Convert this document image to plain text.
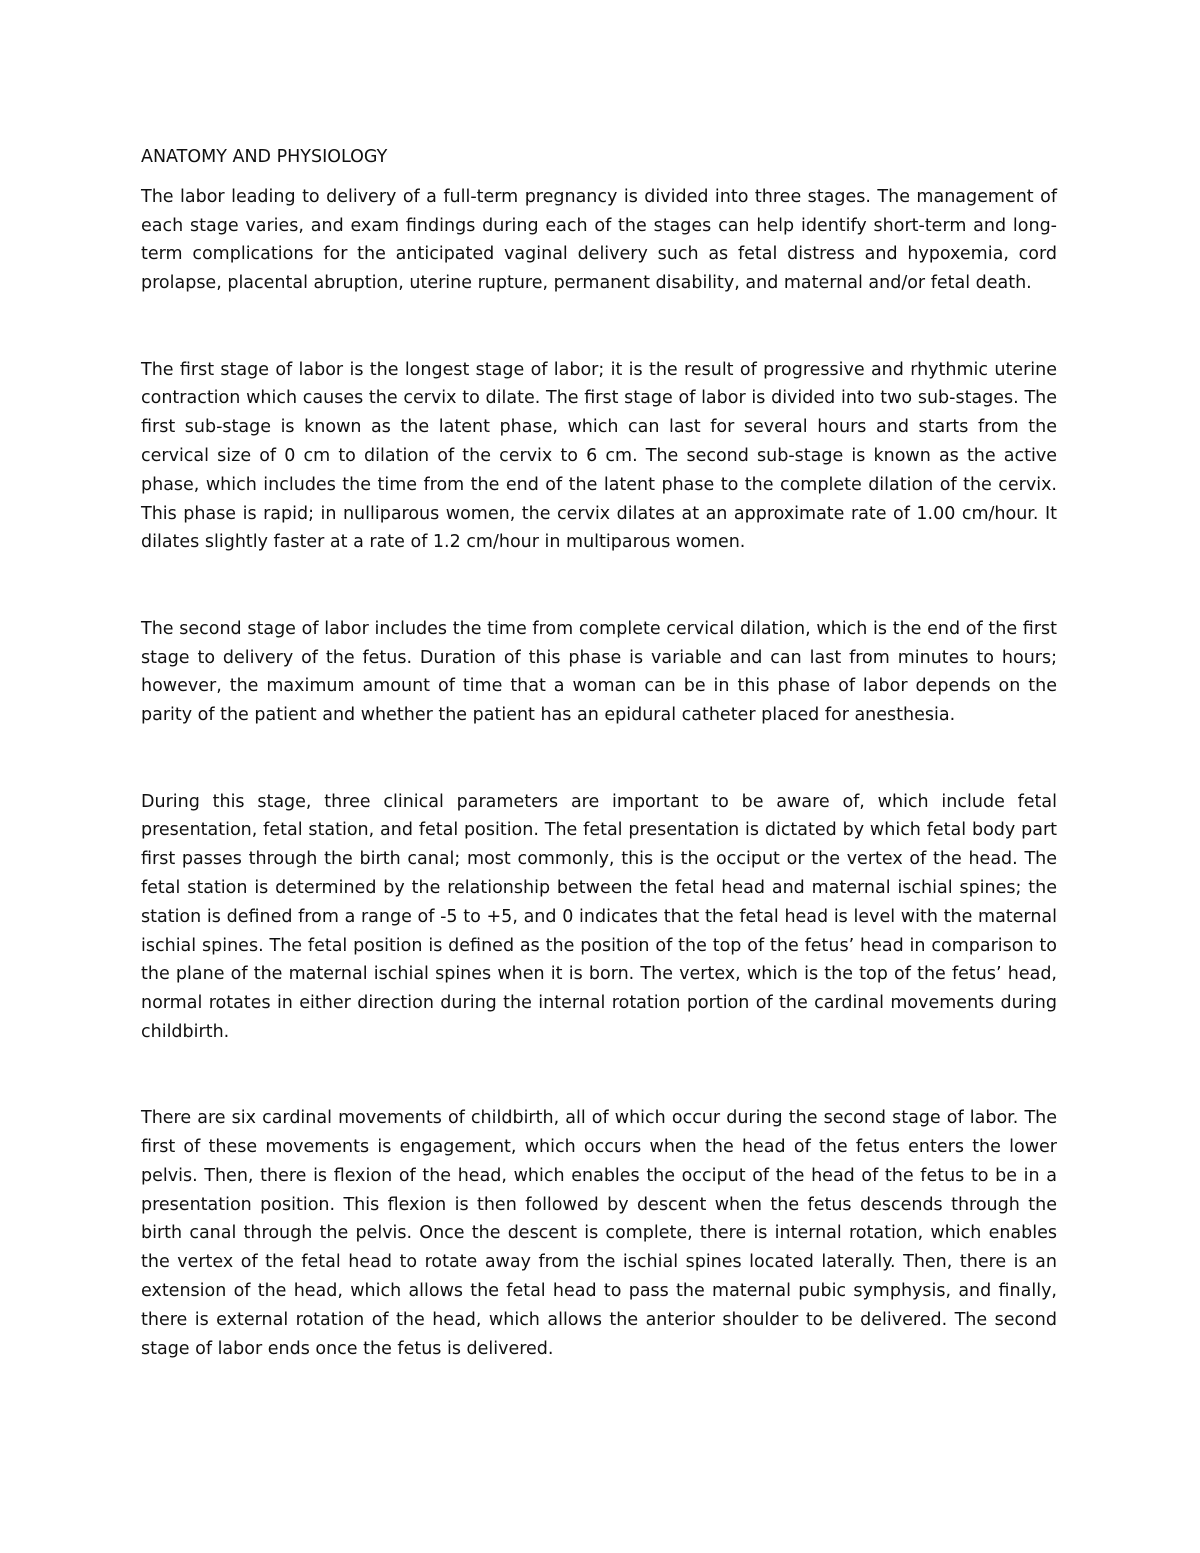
ANATOMY AND PHYSIOLOGY

The labor leading to delivery of a full-term pregnancy is divided into three stages. The management of each stage varies, and exam findings during each of the stages can help identify short-term and long-term complications for the anticipated vaginal delivery such as fetal distress and hypoxemia, cord prolapse, placental abruption, uterine rupture, permanent disability, and maternal and/or fetal death.

The first stage of labor is the longest stage of labor; it is the result of progressive and rhythmic uterine contraction which causes the cervix to dilate. The first stage of labor is divided into two sub-stages. The first sub-stage is known as the latent phase, which can last for several hours and starts from the cervical size of 0 cm to dilation of the cervix to 6 cm. The second sub-stage is known as the active phase, which includes the time from the end of the latent phase to the complete dilation of the cervix. This phase is rapid; in nulliparous women, the cervix dilates at an approximate rate of 1.00 cm/hour. It dilates slightly faster at a rate of 1.2 cm/hour in multiparous women.

The second stage of labor includes the time from complete cervical dilation, which is the end of the first stage to delivery of the fetus. Duration of this phase is variable and can last from minutes to hours; however, the maximum amount of time that a woman can be in this phase of labor depends on the parity of the patient and whether the patient has an epidural catheter placed for anesthesia.

During this stage, three clinical parameters are important to be aware of, which include fetal presentation, fetal station, and fetal position. The fetal presentation is dictated by which fetal body part first passes through the birth canal; most commonly, this is the occiput or the vertex of the head. The fetal station is determined by the relationship between the fetal head and maternal ischial spines; the station is defined from a range of -5 to +5, and 0 indicates that the fetal head is level with the maternal ischial spines. The fetal position is defined as the position of the top of the fetus’ head in comparison to the plane of the maternal ischial spines when it is born. The vertex, which is the top of the fetus’ head, normal rotates in either direction during the internal rotation portion of the cardinal movements during childbirth.

There are six cardinal movements of childbirth, all of which occur during the second stage of labor. The first of these movements is engagement, which occurs when the head of the fetus enters the lower pelvis. Then, there is flexion of the head, which enables the occiput of the head of the fetus to be in a presentation position. This flexion is then followed by descent when the fetus descends through the birth canal through the pelvis. Once the descent is complete, there is internal rotation, which enables the vertex of the fetal head to rotate away from the ischial spines located laterally. Then, there is an extension of the head, which allows the fetal head to pass the maternal pubic symphysis, and finally, there is external rotation of the head, which allows the anterior shoulder to be delivered. The second stage of labor ends once the fetus is delivered.
